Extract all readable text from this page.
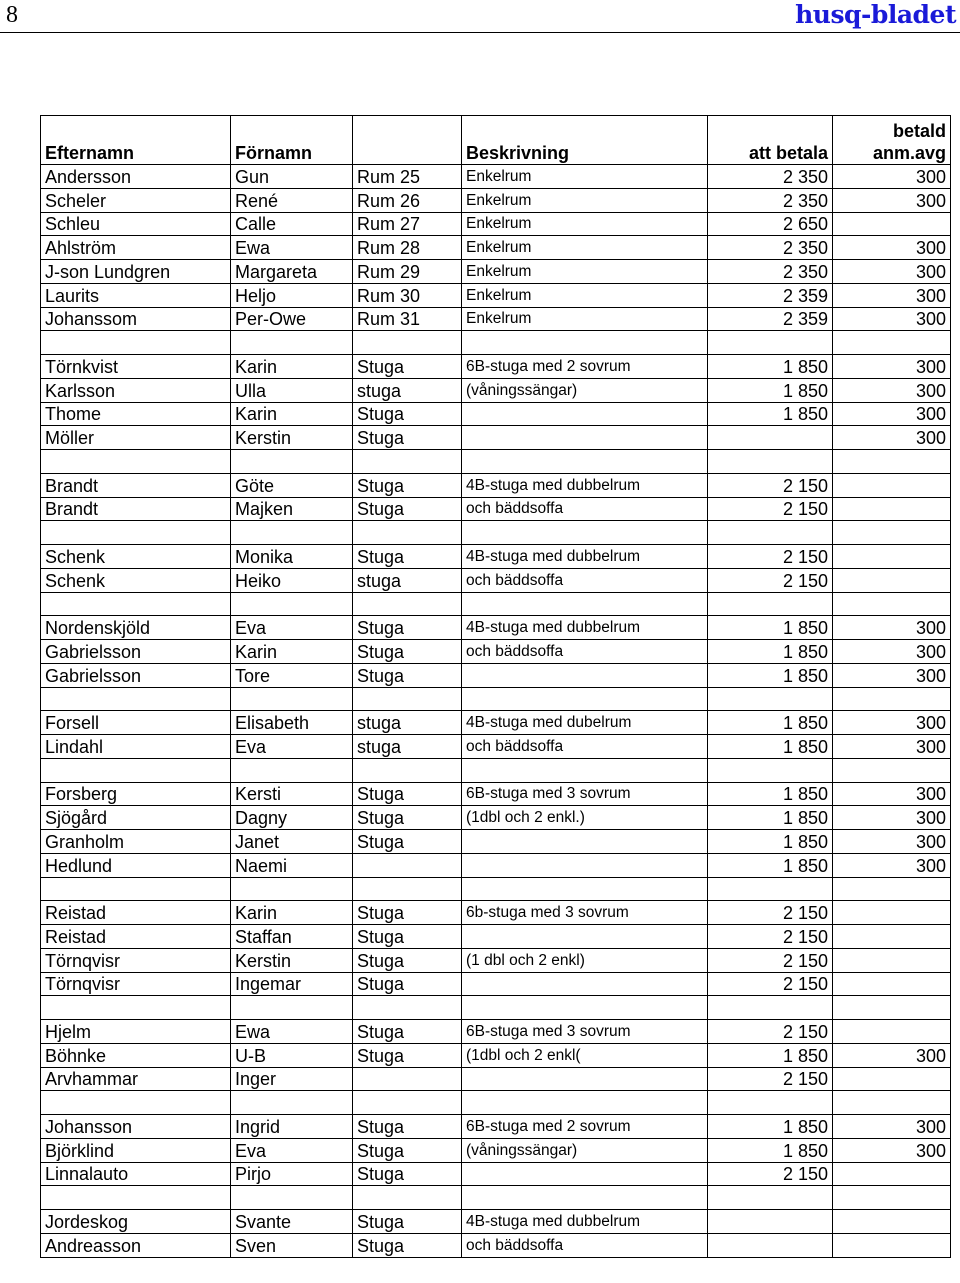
8	husq-bladet
Efternamn	Förnamn		Beskrivning	att betala	betald
anm.avg

Andersson	Gun	Rum 25	Enkelrum	2 350	300
Scheler	René	Rum 26	Enkelrum	2 350	300
Schleu	Calle	Rum 27	Enkelrum	2 650	
Ahlström	Ewa	Rum 28	Enkelrum	2 350	300
J-son Lundgren	Margareta	Rum 29	Enkelrum	2 350	300
Laurits	Heljo	Rum 30	Enkelrum	2 359	300
Johanssom	Per-Owe	Rum 31	Enkelrum	2 359	300

Törnkvist	Karin	Stuga	6B-stuga med 2 sovrum	1 850	300
Karlsson	Ulla	stuga	(våningssängar)	1 850	300
Thome	Karin	Stuga		1 850	300
Möller	Kerstin	Stuga			300

Brandt	Göte	Stuga	4B-stuga med dubbelrum	2 150	
Brandt	Majken	Stuga	och bäddsoffa	2 150	

Schenk	Monika	Stuga	4B-stuga med dubbelrum	2 150	
Schenk	Heiko	stuga	och bäddsoffa	2 150	

Nordenskjöld	Eva	Stuga	4B-stuga med dubbelrum	1 850	300
Gabrielsson	Karin	Stuga	och bäddsoffa	1 850	300
Gabrielsson	Tore	Stuga		1 850	300

Forsell	Elisabeth	stuga	4B-stuga med dubelrum	1 850	300
Lindahl	Eva	stuga	och bäddsoffa	1 850	300

Forsberg	Kersti	Stuga	6B-stuga med 3 sovrum	1 850	300
Sjögård	Dagny	Stuga	(1dbl och 2 enkl.)	1 850	300
Granholm	Janet	Stuga		1 850	300
Hedlund	Naemi			1 850	300

Reistad	Karin	Stuga	6b-stuga med 3 sovrum	2 150	
Reistad	Staffan	Stuga		2 150	
Törnqvisr	Kerstin	Stuga	(1 dbl och 2 enkl)	2 150	
Törnqvisr	Ingemar	Stuga		2 150	

Hjelm	Ewa	Stuga	6B-stuga med 3 sovrum	2 150	
Böhnke	U-B	Stuga	(1dbl och 2 enkl(	1 850	300
Arvhammar	Inger			2 150	

Johansson	Ingrid	Stuga	6B-stuga med 2 sovrum	1 850	300
Björklind	Eva	Stuga	(våningssängar)	1 850	300
Linnalauto	Pirjo	Stuga		2 150	

Jordeskog	Svante	Stuga	4B-stuga med dubbelrum		
Andreasson	Sven	Stuga	och bäddsoffa		
